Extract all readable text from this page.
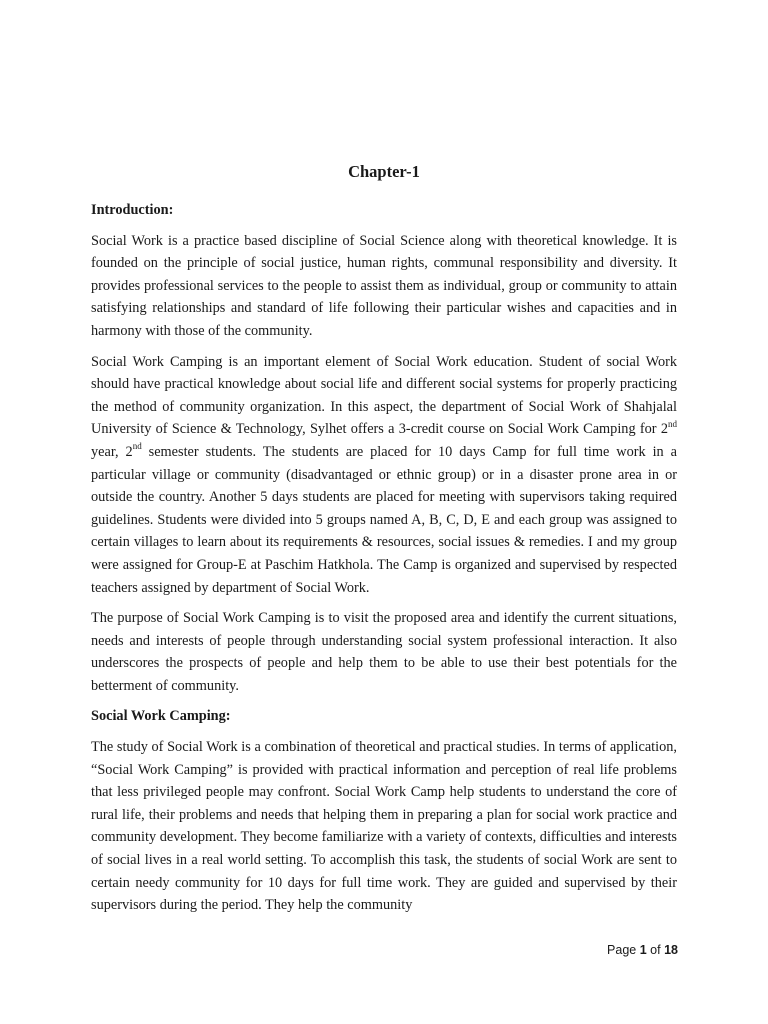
Chapter-1

Introduction:

Social Work is a practice based discipline of Social Science along with theoretical knowledge. It is founded on the principle of social justice, human rights, communal responsibility and diversity. It provides professional services to the people to assist them as individual, group or community to attain satisfying relationships and standard of life following their particular wishes and capacities and in harmony with those of the community.

Social Work Camping is an important element of Social Work education. Student of social Work should have practical knowledge about social life and different social systems for properly practicing the method of community organization. In this aspect, the department of Social Work of Shahjalal University of Science & Technology, Sylhet offers a 3-credit course on Social Work Camping for 2nd year, 2nd semester students. The students are placed for 10 days Camp for full time work in a particular village or community (disadvantaged or ethnic group) or in a disaster prone area in or outside the country. Another 5 days students are placed for meeting with supervisors taking required guidelines. Students were divided into 5 groups named A, B, C, D, E and each group was assigned to certain villages to learn about its requirements & resources, social issues & remedies. I and my group were assigned for Group-E at Paschim Hatkhola. The Camp is organized and supervised by respected teachers assigned by department of Social Work.

The purpose of Social Work Camping is to visit the proposed area and identify the current situations, needs and interests of people through understanding social system professional interaction. It also underscores the prospects of people and help them to be able to use their best potentials for the betterment of community.

Social Work Camping:

The study of Social Work is a combination of theoretical and practical studies. In terms of application, “Social Work Camping” is provided with practical information and perception of real life problems that less privileged people may confront. Social Work Camp help students to understand the core of rural life, their problems and needs that helping them in preparing a plan for social work practice and community development. They become familiarize with a variety of contexts, difficulties and interests of social lives in a real world setting. To accomplish this task, the students of social Work are sent to certain needy community for 10 days for full time work. They are guided and supervised by their supervisors during the period. They help the community

Page 1 of 18
